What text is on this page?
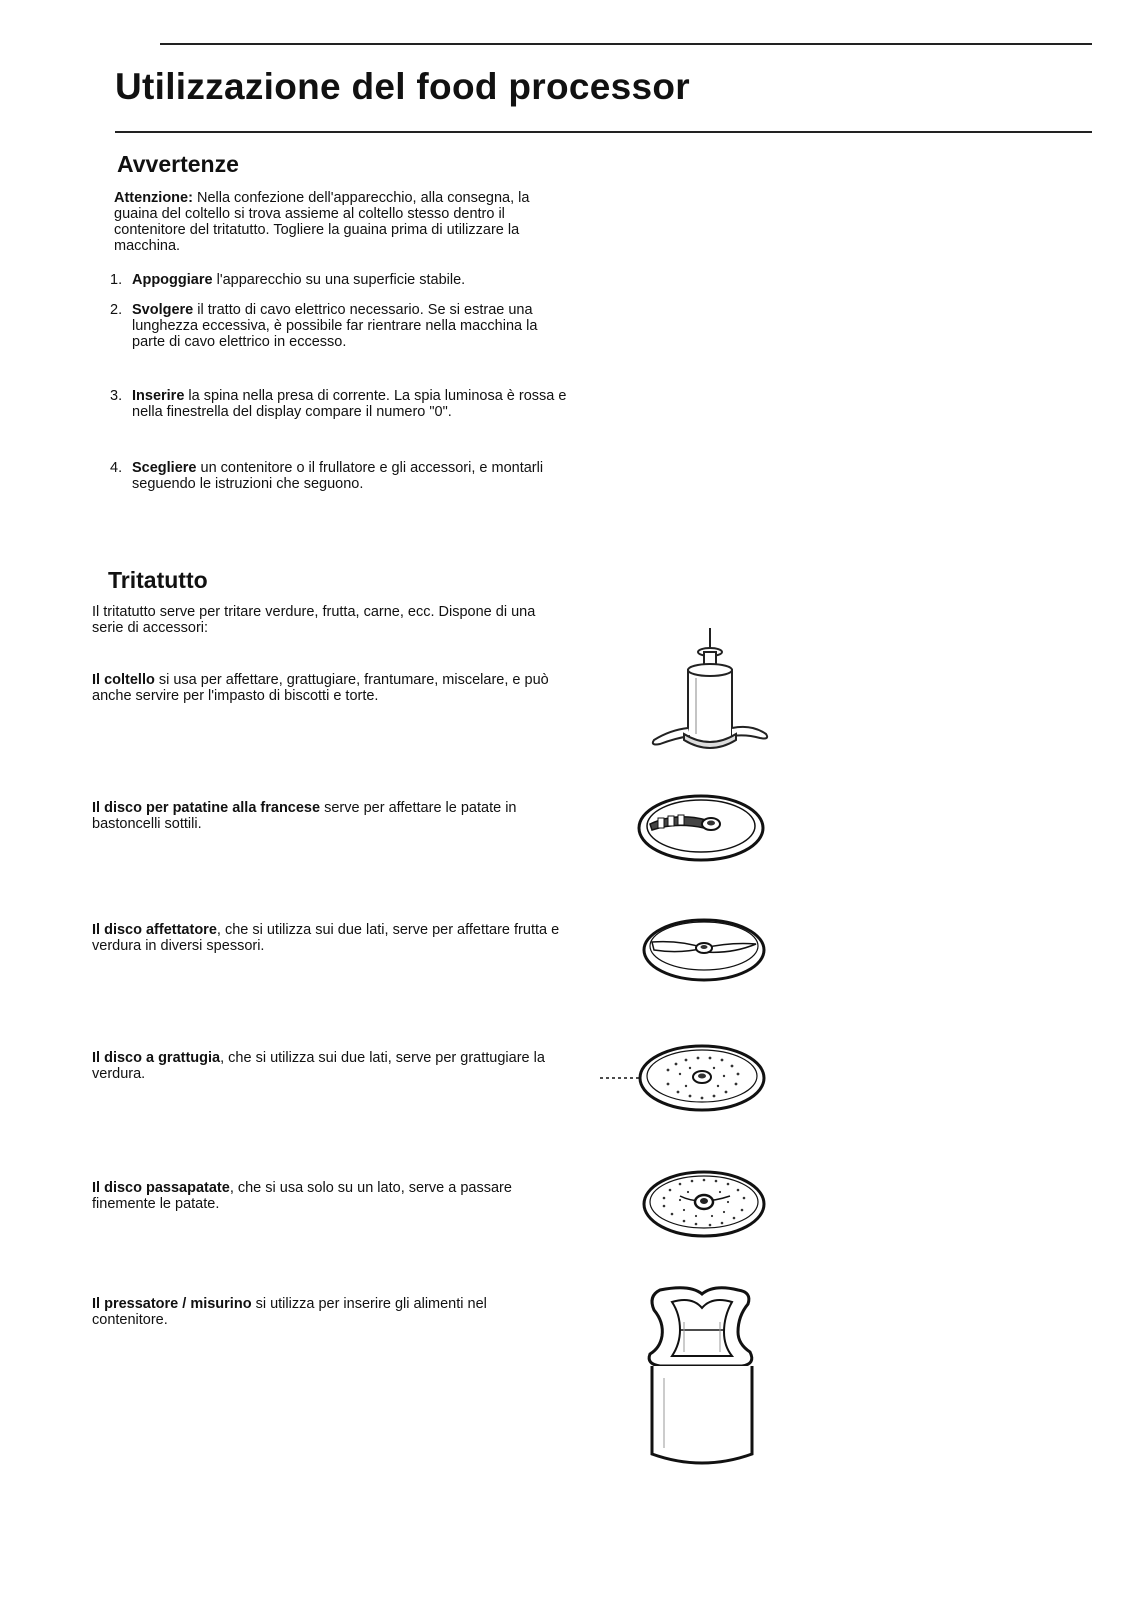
Utilizzazione del food processor
Avvertenze

Attenzione: Nella confezione dell'apparecchio, alla consegna, la guaina del coltello si trova assieme al coltello stesso dentro il contenitore del tritatutto. Togliere la guaina prima di utilizzare la macchina.

1. Appoggiare l'apparecchio su una superficie stabile.
2. Svolgere il tratto di cavo elettrico necessario. Se si estrae una lunghezza eccessiva, è possibile far rientrare nella macchina la parte di cavo elettrico in eccesso.
3. Inserire la spina nella presa di corrente. La spia luminosa è rossa e nella finestrella del display compare il numero "0".
4. Scegliere un contenitore o il frullatore e gli accessori, e montarli seguendo le istruzioni che seguono.
Tritatutto

Il tritatutto serve per tritare verdure, frutta, carne, ecc. Dispone di una serie di accessori:

Il coltello si usa per affettare, grattugiare, frantumare, miscelare, e può anche servire per l'impasto di biscotti e torte.

Il disco per patatine alla francese serve per affettare le patate in bastoncelli sottili.

Il disco affettatore, che si utilizza sui due lati, serve per affettare frutta e verdura in diversi spessori.

Il disco a grattugia, che si utilizza sui due lati, serve per grattugiare la verdura.

Il disco passapatate, che si usa solo su un lato, serve a passare finemente le patate.

Il pressatore / misurino si utilizza per inserire gli alimenti nel contenitore.
